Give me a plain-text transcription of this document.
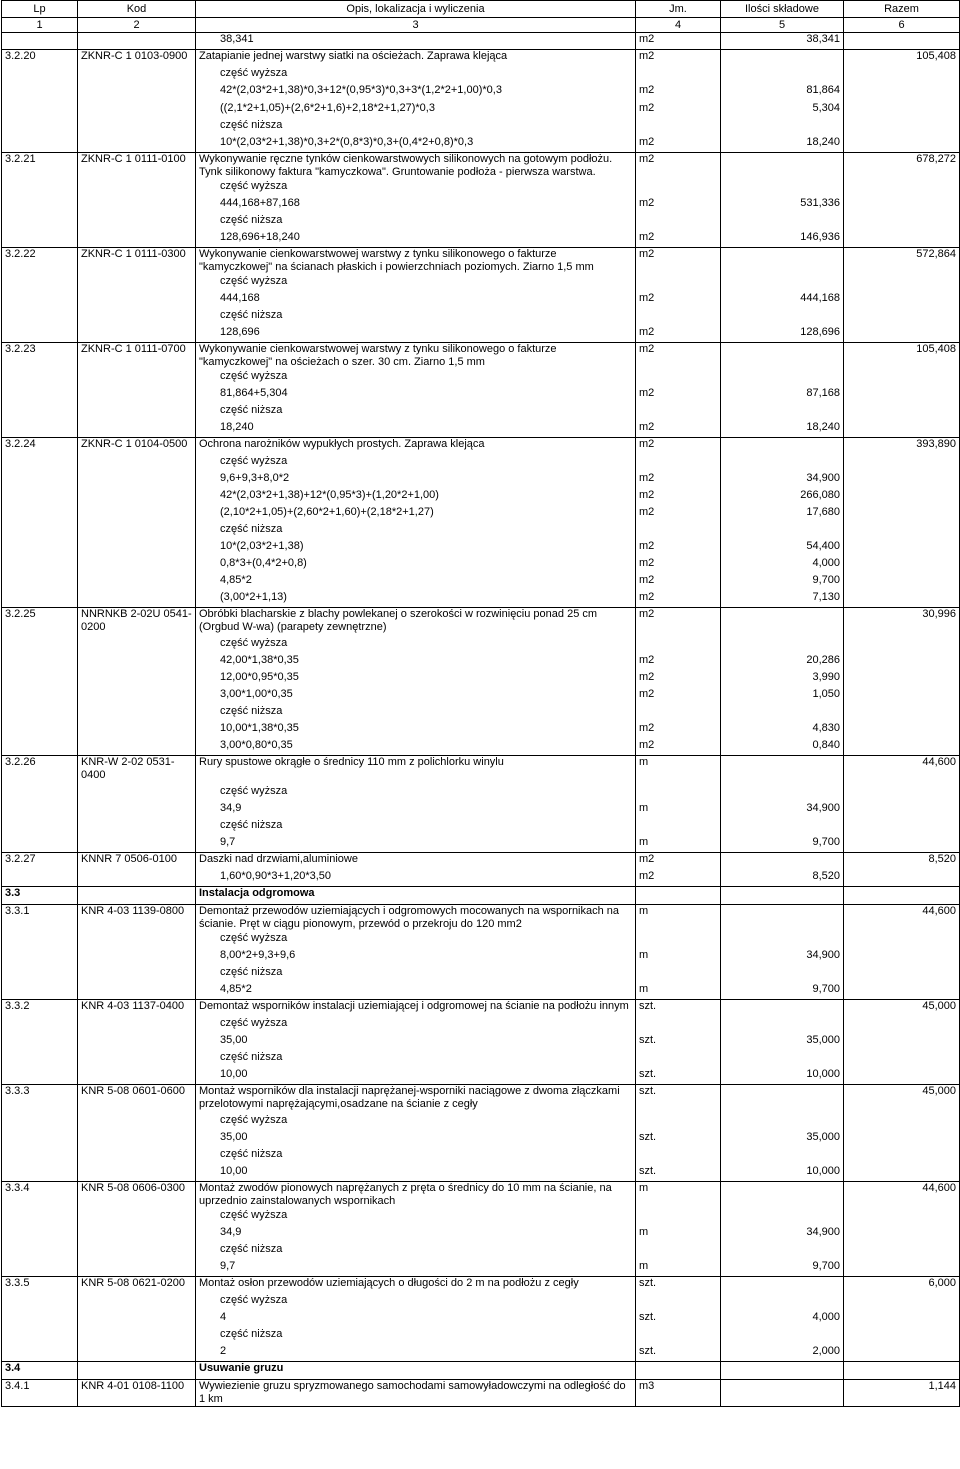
Lp	Kod	Opis, lokalizacja i wyliczenia	Jm.	Ilości składowe	Razem
1	2	3	4	5	6
		38,341	m2	38,341	
3.2.20	ZKNR-C 1 0103-0900	Zatapianie jednej warstwy siatki na ościeżach. Zaprawa klejąca	m2		105,408
		część wyższa			
		42*(2,03*2+1,38)*0,3+12*(0,95*3)*0,3+3*(1,2*2+1,00)*0,3	m2	81,864	
		((2,1*2+1,05)+(2,6*2+1,6)+2,18*2+1,27)*0,3	m2	5,304	
		część niższa			
		10*(2,03*2+1,38)*0,3+2*(0,8*3)*0,3+(0,4*2+0,8)*0,3	m2	18,240	
3.2.21	ZKNR-C 1 0111-0100	Wykonywanie ręczne tynków cienkowarstwowych silikonowych na gotowym podłożu. Tynk silikonowy faktura "kamyczkowa". Gruntowanie podłoża - pierwsza warstwa.	m2		678,272
		część wyższa			
		444,168+87,168	m2	531,336	
		część niższa			
		128,696+18,240	m2	146,936	
3.2.22	ZKNR-C 1 0111-0300	Wykonywanie cienkowarstwowej warstwy z tynku silikonowego o fakturze "kamyczkowej" na ścianach płaskich i powierzchniach poziomych. Ziarno 1,5 mm	m2		572,864
		część wyższa			
		444,168	m2	444,168	
		część niższa			
		128,696	m2	128,696	
3.2.23	ZKNR-C 1 0111-0700	Wykonywanie cienkowarstwowej warstwy z tynku silikonowego o fakturze "kamyczkowej" na ościeżach o szer. 30 cm. Ziarno 1,5 mm	m2		105,408
		część wyższa			
		81,864+5,304	m2	87,168	
		część niższa			
		18,240	m2	18,240	
3.2.24	ZKNR-C 1 0104-0500	Ochrona narożników wypukłych prostych. Zaprawa klejąca	m2		393,890
		część wyższa			
		9,6+9,3+8,0*2	m2	34,900	
		42*(2,03*2+1,38)+12*(0,95*3)+(1,20*2+1,00)	m2	266,080	
		(2,10*2+1,05)+(2,60*2+1,60)+(2,18*2+1,27)	m2	17,680	
		część niższa			
		10*(2,03*2+1,38)	m2	54,400	
		0,8*3+(0,4*2+0,8)	m2	4,000	
		4,85*2	m2	9,700	
		(3,00*2+1,13)	m2	7,130	
3.2.25	NNRNKB 2-02U 0541-0200	Obróbki blacharskie z blachy powlekanej o szerokości w rozwinięciu ponad 25 cm (Orgbud W-wa) (parapety zewnętrzne)	m2		30,996
		część wyższa			
		42,00*1,38*0,35	m2	20,286	
		12,00*0,95*0,35	m2	3,990	
		3,00*1,00*0,35	m2	1,050	
		część niższa			
		10,00*1,38*0,35	m2	4,830	
		3,00*0,80*0,35	m2	0,840	
3.2.26	KNR-W 2-02 0531-0400	Rury spustowe okrągłe o średnicy 110 mm z polichlorku winylu	m		44,600
		część wyższa			
		34,9	m	34,900	
		część niższa			
		9,7	m	9,700	
3.2.27	KNNR 7 0506-0100	Daszki nad drzwiami,aluminiowe	m2		8,520
		1,60*0,90*3+1,20*3,50	m2	8,520	
3.3		Instalacja odgromowa			
3.3.1	KNR 4-03 1139-0800	Demontaż przewodów uziemiających i odgromowych mocowanych na wspornikach na ścianie. Pręt w ciągu pionowym, przewód o przekroju do 120 mm2	m		44,600
		część wyższa			
		8,00*2+9,3+9,6	m	34,900	
		część niższa			
		4,85*2	m	9,700	
3.3.2	KNR 4-03 1137-0400	Demontaż wsporników instalacji uziemiającej i odgromowej na ścianie na podłożu innym	szt.		45,000
		część wyższa			
		35,00	szt.	35,000	
		część niższa			
		10,00	szt.	10,000	
3.3.3	KNR 5-08 0601-0600	Montaż wsporników dla instalacji naprężanej-wsporniki naciągowe z dwoma złączkami przelotowymi naprężającymi,osadzane na ścianie z cegły	szt.		45,000
		część wyższa			
		35,00	szt.	35,000	
		część niższa			
		10,00	szt.	10,000	
3.3.4	KNR 5-08 0606-0300	Montaż zwodów pionowych naprężanych z pręta o średnicy do 10 mm na ścianie, na uprzednio zainstalowanych wspornikach	m		44,600
		część wyższa			
		34,9	m	34,900	
		część niższa			
		9,7	m	9,700	
3.3.5	KNR 5-08 0621-0200	Montaż osłon przewodów uziemiających o długości do 2 m na podłożu z cegły	szt.		6,000
		część wyższa			
		4	szt.	4,000	
		część niższa			
		2	szt.	2,000	
3.4		Usuwanie gruzu			
3.4.1	KNR 4-01 0108-1100	Wywiezienie gruzu spryzmowanego samochodami samowyładowczymi na odległość do 1 km	m3		1,144
